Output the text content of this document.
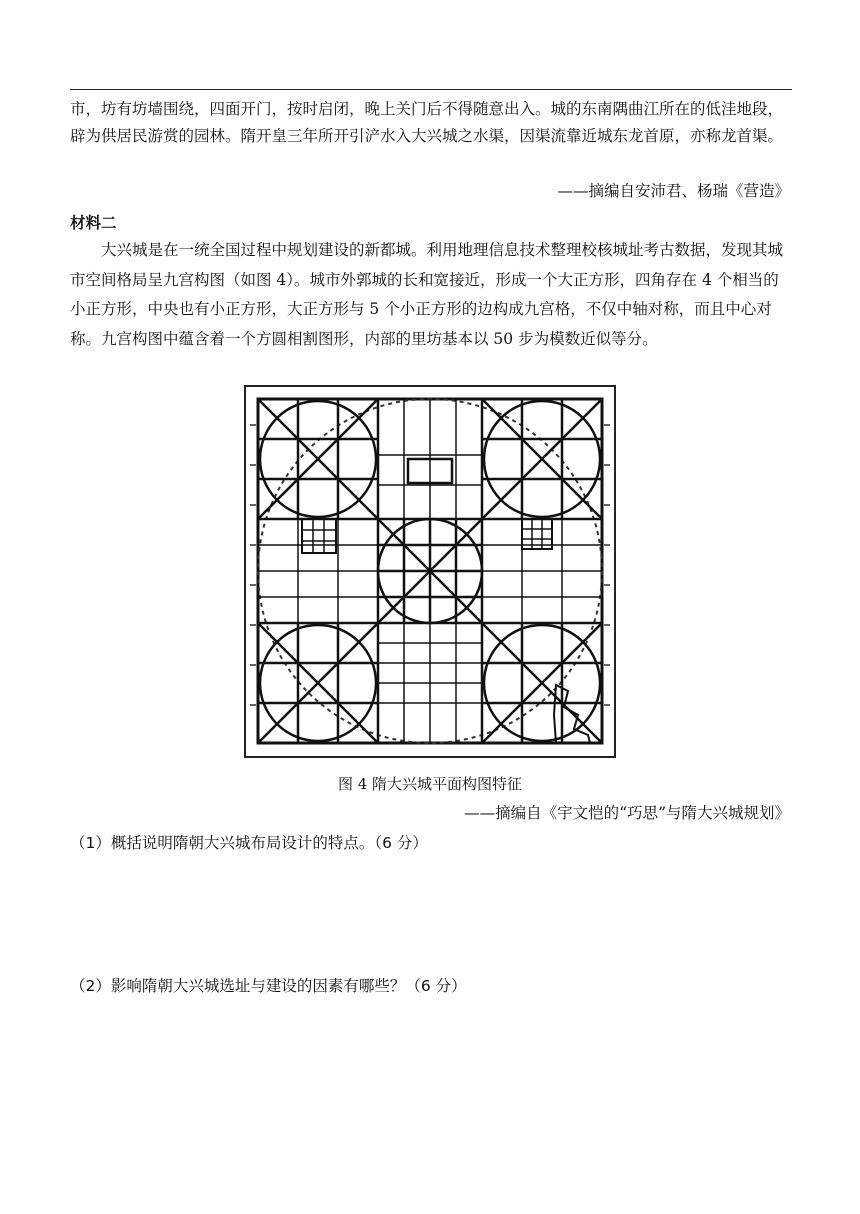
市，坊有坊墙围绕，四面开门，按时启闭，晚上关门后不得随意出入。城的东南隅曲江所在的低洼地段，辟为供居民游赏的园林。隋开皇三年所开引浐水入大兴城之水渠，因渠流靠近城东龙首原，亦称龙首渠。

——摘编自安沛君、杨瑞《营造》
材料二

大兴城是在一统全国过程中规划建设的新都城。利用地理信息技术整理校核城址考古数据，发现其城市空间格局呈九宫构图（如图 4）。城市外郭城的长和宽接近，形成一个大正方形，四角存在 4 个相当的小正方形，中央也有小正方形，大正方形与 5 个小正方形的边构成九宫格，不仅中轴对称，而且中心对称。九宫构图中蕴含着一个方圆相割图形，内部的里坊基本以 50 步为模数近似等分。

图 4 隋大兴城平面构图特征
——摘编自《宇文恺的“巧思”与隋大兴城规划》
（1）概括说明隋朝大兴城布局设计的特点。（6 分）
（2）影响隋朝大兴城选址与建设的因素有哪些？（6 分）
